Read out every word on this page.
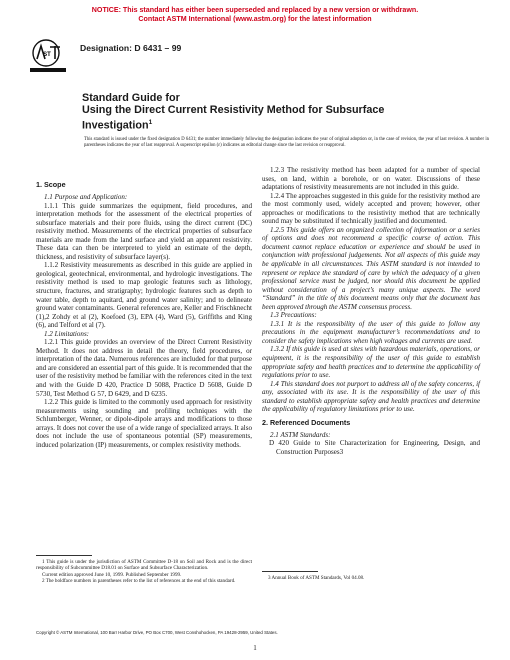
NOTICE: This standard has either been superseded and replaced by a new version or withdrawn.
Contact ASTM International (www.astm.org) for the latest information
ST
Designation: D 6431 – 99
Standard Guide for
Using the Direct Current Resistivity Method for Subsurface
Investigation$^1$
This standard is issued under the fixed designation D 6431; the number immediately following the designation indicates the year of original adoption or, in the case of revision, the year of last revision. A number in parentheses indicates the year of last reapproval. A superscript epsilon (ε) indicates an editorial change since the last revision or reapproval.
1. Scope

1.1 Purpose and Application:

1.1.1 This guide summarizes the equipment, field procedures, and interpretation methods for the assessment of the electrical properties of subsurface materials and their pore fluids, using the direct current (DC) resistivity method. Measurements of the electrical properties of subsurface materials are made from the land surface and yield an apparent resistivity. These data can then be interpreted to yield an estimate of the depth, thickness, and resistivity of subsurface layer(s).

1.1.2 Resistivity measurements as described in this guide are applied in geological, geotechnical, environmental, and hydrologic investigations. The resistivity method is used to map geologic features such as lithology, structure, fractures, and stratigraphy; hydrologic features such as depth to water table, depth to aquitard, and ground water salinity; and to delineate ground water contaminants. General references are, Keller and Frischknecht (1),2 Zohdy et al (2), Koefoed (3), EPA (4), Ward (5), Griffiths and King (6), and Telford et al (7).

1.2 Limitations:

1.2.1 This guide provides an overview of the Direct Current Resistivity Method. It does not address in detail the theory, field procedures, or interpretation of the data. Numerous references are included for that purpose and are considered an essential part of this guide. It is recommended that the user of the resistivity method be familiar with the references cited in the text and with the Guide D 420, Practice D 5088, Practice D 5608, Guide D 5730, Test Method G 57, D 6429, and D 6235.

1.2.2 This guide is limited to the commonly used approach for resistivity measurements using sounding and profiling techniques with the Schlumberger, Wenner, or dipole-dipole arrays and modifications to those arrays. It does not cover the use of a wide range of specialized arrays. It also does not include the use of spontaneous potential (SP) measurements, induced polarization (IP) measurements, or complex resistivity methods.

1.2.3 The resistivity method has been adapted for a number of special uses, on land, within a borehole, or on water. Discussions of these adaptations of resistivity measurements are not included in this guide.

1.2.4 The approaches suggested in this guide for the resistivity method are the most commonly used, widely accepted and proven; however, other approaches or modifications to the resistivity method that are technically sound may be substituted if technically justified and documented.

1.2.5 This guide offers an organized collection of information or a series of options and does not recommend a specific course of action. This document cannot replace education or experience and should be used in conjunction with professional judgements. Not all aspects of this guide may be applicable in all circumstances. This ASTM standard is not intended to represent or replace the standard of care by which the adequacy of a given professional service must be judged, nor should this document be applied without consideration of a project’s many unique aspects. The word “Standard” in the title of this document means only that the document has been approved through the ASTM consensus process.

1.3 Precautions:

1.3.1 It is the responsibility of the user of this guide to follow any precautions in the equipment manufacturer’s recommendations and to consider the safety implications when high voltages and currents are used.

1.3.2 If this guide is used at sites with hazardous materials, operations, or equipment, it is the responsibility of the user of this guide to establish appropriate safety and health practices and to determine the applicability of regulations prior to use.

1.4 This standard does not purport to address all of the safety concerns, if any, associated with its use. It is the responsibility of the user of this standard to establish appropriate safety and health practices and determine the applicability of regulatory limitations prior to use.

2. Referenced Documents

2.1 ASTM Standards:

D 420 Guide to Site Characterization for Engineering, Design, and Construction Purposes3

1 This guide is under the jurisdiction of ASTM Committee D-18 on Soil and Rock and is the direct responsibility of Subcommittee D18.01 on Surface and Subsurface Characterization.

Current edition approved June 10, 1999. Published September 1999.

2 The boldface numbers in parentheses refer to the list of references at the end of this standard.	3 Annual Book of ASTM Standards, Vol 04.08.

Copyright © ASTM International, 100 Barr Harbor Drive, PO Box C700, West Conshohocken, PA 19428-2959, United States.
1
